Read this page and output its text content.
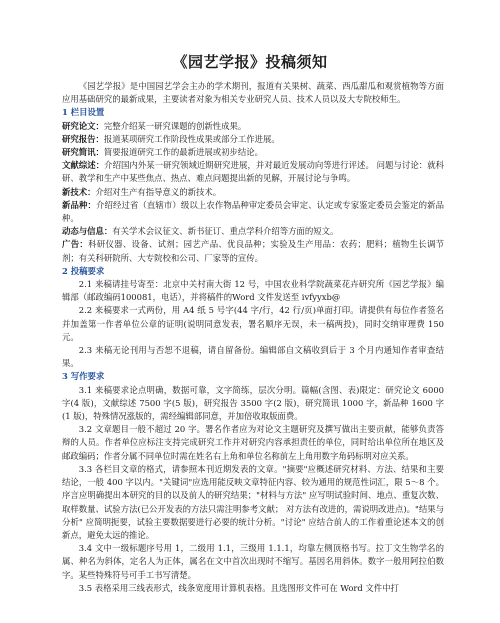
《园艺学报》投稿须知

《园艺学报》是中国园艺学会主办的学术期刊，报道有关果树、蔬菜、西瓜甜瓜和观赏植物等方面应用基础研究的最新成果，主要读者对象为相关专业研究人员、技术人员以及大专院校师生。

1 栏目设置

研究论文：完整介绍某一研究课题的创新性成果。

研究报告：报道某项研究工作阶段性成果或部分工作进展。

研究简讯：简要报道研究工作的最新进展或初步结论。

文献综述：介绍国内外某一研究领域近期研究进展，并对最近发展动向等进行评述。 问题与讨论：就科研、教学和生产中某些焦点、热点、难点问题提出新的见解，开展讨论与争鸣。

新技术：介绍对生产有指导意义的新技术。

新品种：介绍经过省（直辖市）级以上农作物品种审定委员会审定、认定或专家鉴定委员会鉴定的新品种。

动态与信息：有关学术会议征文、新书征订、重点学科介绍等方面的短文。

广告：科研仪器、设备、试剂；园艺产品、优良品种；实验及生产用品：农药；肥料；植物生长调节剂；有关科研院所、大专院校和公司、厂家等的宣传。

2 投稿要求

2.1 来稿请挂号寄至：北京中关村南大街 12 号，中国农业科学院蔬菜花卉研究所《园艺学报》编辑部（邮政编码100081，电话），并将稿件的Word 文件发送至 ivfyyxb@

2.2 来稿要求一式两份，用 A4 纸 5 号字(44 字/行，42 行/页)单面打印。请提供有每位作者签名并加盖第一作者单位公章的证明(说明同意发表，署名顺序无误，未一稿两投)，同时交纳审理费 150 元。

2.3 来稿无论刊用与否恕不退稿，请自留备份。编辑部自文稿收到后于 3 个月内通知作者审查结果。

3 写作要求

3.1 来稿要求论点明确，数据可靠，文字简练，层次分明。篇幅(含图、表)限定：研究论文 6000 字(4 版)，文献综述 7500 字(5 版)，研究报告 3500 字(2 版)，研究简讯 1000 字，新品种 1600 字(1 版)，特殊情况涨版的，需经编辑部同意，并加倍收取版面费。

3.2 文章题目一般不超过 20 字。署名作者应为对论文主题研究及撰写做出主要贡献，能够负责答辩的人员。作者单位应标注支持完成研究工作并对研究内容承担责任的单位，同时给出单位所在地区及邮政编码；作者分属不同单位时需在姓名右上角和单位名称前左上角用数字角码标明对应关系。

3.3 各栏目文章的格式，请参照本刊近期发表的文章。"摘要"应概述研究材料、方法、结果和主要结论，一般 400 字以内。"关键词"应选用能反映文章特征内容、较为通用的规范性词汇，限 5～8 个。序言应明确提出本研究的目的以及前人的研究结果；"材料与方法" 应写明试验时间、地点、重复次数、取样数量、试验方法(已公开发表的方法只需注明参考文献； 对方法有改进的，需说明改进点)。"结果与分析" 应简明扼要，试验主要数据要进行必要的统计分析。"讨论" 应结合前人的工作着重论述本文的创新点，避免太远的推论。

3.4 文中一级标题序号用 1，二级用 1.1，三级用 1.1.1，均靠左侧顶格书写。拉丁文生物学名的属、种名为斜体，定名人为正体，属名在文中首次出现时不缩写。基因名用斜体。数字一般用阿拉伯数字。某些特殊符号可手工书写清楚。

3.5 表格采用三线表形式，线条宽度用计算机表格。且选图形文件可在 Word 文件中打
